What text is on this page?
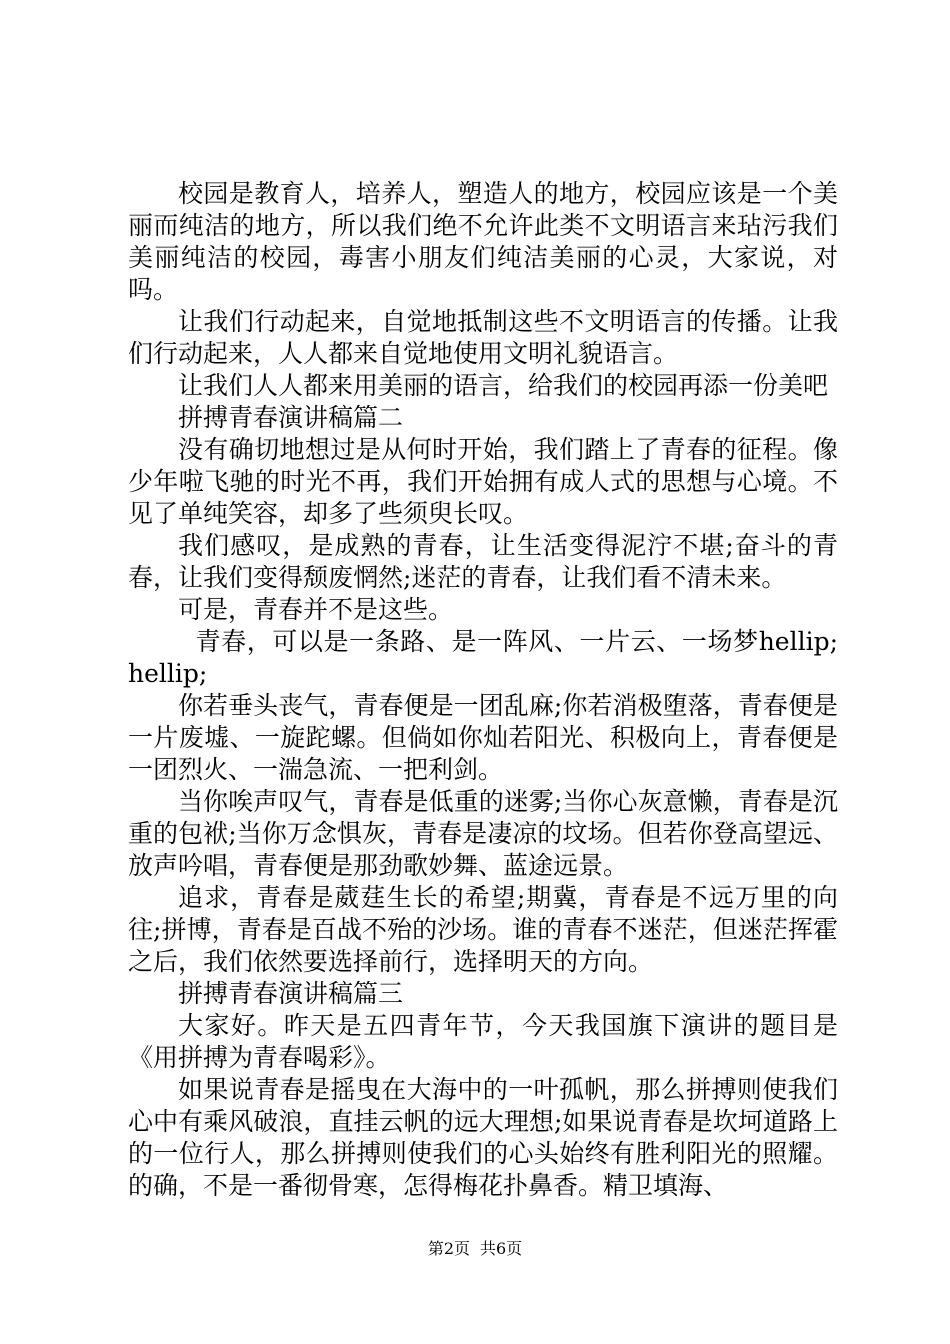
校园是教育人，培养人，塑造人的地方，校园应该是一个美丽而纯洁的地方，所以我们绝不允许此类不文明语言来玷污我们美丽纯洁的校园，毒害小朋友们纯洁美丽的心灵，大家说，对吗。

让我们行动起来，自觉地抵制这些不文明语言的传播。让我们行动起来，人人都来自觉地使用文明礼貌语言。

让我们人人都来用美丽的语言，给我们的校园再添一份美吧

拼搏青春演讲稿篇二

没有确切地想过是从何时开始，我们踏上了青春的征程。像少年啦飞驰的时光不再，我们开始拥有成人式的思想与心境。不见了单纯笑容，却多了些须臾长叹。

我们感叹，是成熟的青春，让生活变得泥泞不堪;奋斗的青春，让我们变得颓废惘然;迷茫的青春，让我们看不清未来。

可是，青春并不是这些。

青春，可以是一条路、是一阵风、一片云、一场梦hellip;hellip;

你若垂头丧气，青春便是一团乱麻;你若消极堕落，青春便是一片废墟、一旋跎螺。但倘如你灿若阳光、积极向上，青春便是一团烈火、一湍急流、一把利剑。

当你唉声叹气，青春是低重的迷雾;当你心灰意懒，青春是沉重的包袱;当你万念惧灰，青春是凄凉的坟场。但若你登高望远、放声吟唱，青春便是那劲歌妙舞、蓝途远景。

追求，青春是葳莛生长的希望;期冀，青春是不远万里的向往;拼博，青春是百战不殆的沙场。谁的青春不迷茫，但迷茫挥霍之后，我们依然要选择前行，选择明天的方向。

拼搏青春演讲稿篇三

大家好。昨天是五四青年节，今天我国旗下演讲的题目是《用拼搏为青春喝彩》。

如果说青春是摇曳在大海中的一叶孤帆，那么拼搏则使我们心中有乘风破浪，直挂云帆的远大理想;如果说青春是坎坷道路上的一位行人，那么拼搏则使我们的心头始终有胜利阳光的照耀。的确，不是一番彻骨寒，怎得梅花扑鼻香。精卫填海、

第2页 共6页
